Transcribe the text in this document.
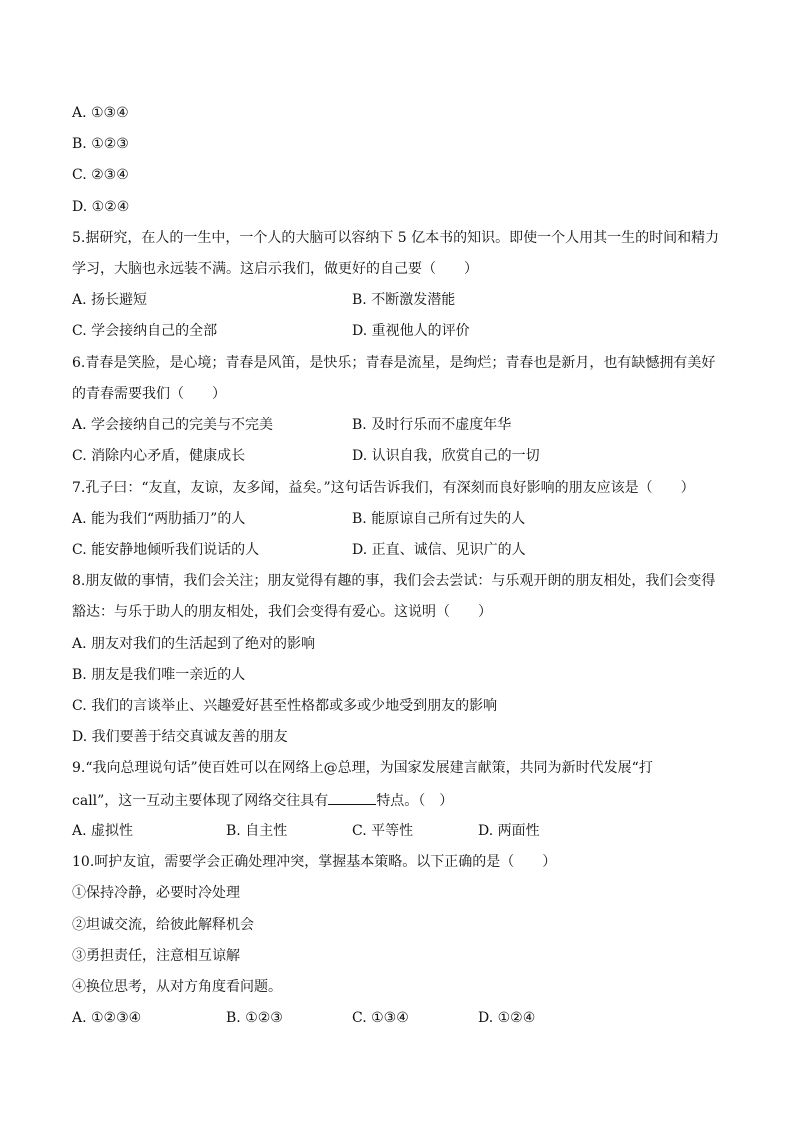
A. ①③④
B. ①②③
C. ②③④
D. ①②④
5.据研究，在人的一生中，一个人的大脑可以容纳下 5 亿本书的知识。即使一个人用其一生的时间和精力
学习，大脑也永远装不满。这启示我们，做更好的自己要（　　）
A. 扬长避短	B. 不断激发潜能
C. 学会接纳自己的全部	D. 重视他人的评价
6.青春是笑脸，是心境；青春是风笛，是快乐；青春是流星，是绚烂；青春也是新月，也有缺憾拥有美好
的青春需要我们（　　）
A. 学会接纳自己的完美与不完美	B. 及时行乐而不虚度年华
C. 消除内心矛盾，健康成长	D. 认识自我，欣赏自己的一切
7.孔子曰：“友直，友谅，友多闻，益矣。”这句话告诉我们，有深刻而良好影响的朋友应该是（　　）
A. 能为我们“两肋插刀”的人	B. 能原谅自己所有过失的人
C. 能安静地倾听我们说话的人	D. 正直、诚信、见识广的人
8.朋友做的事情，我们会关注；朋友觉得有趣的事，我们会去尝试：与乐观开朗的朋友相处，我们会变得
豁达：与乐于助人的朋友相处，我们会变得有爱心。这说明（　　）
A. 朋友对我们的生活起到了绝对的影响
B. 朋友是我们唯一亲近的人
C. 我们的言谈举止、兴趣爱好甚至性格都或多或少地受到朋友的影响
D. 我们要善于结交真诚友善的朋友
9.“我向总理说句话”使百姓可以在网络上@总理，为国家发展建言献策，共同为新时代发展“打
call”，这一互动主要体现了网络交往具有	特点。（　）
A. 虚拟性	B. 自主性	C. 平等性	D. 两面性
10.呵护友谊，需要学会正确处理冲突，掌握基本策略。以下正确的是（　　）
①保持冷静，必要时冷处理
②坦诚交流，给彼此解释机会
③勇担责任，注意相互谅解
④换位思考，从对方角度看问题。
A. ①②③④	B. ①②③	C. ①③④	D. ①②④
